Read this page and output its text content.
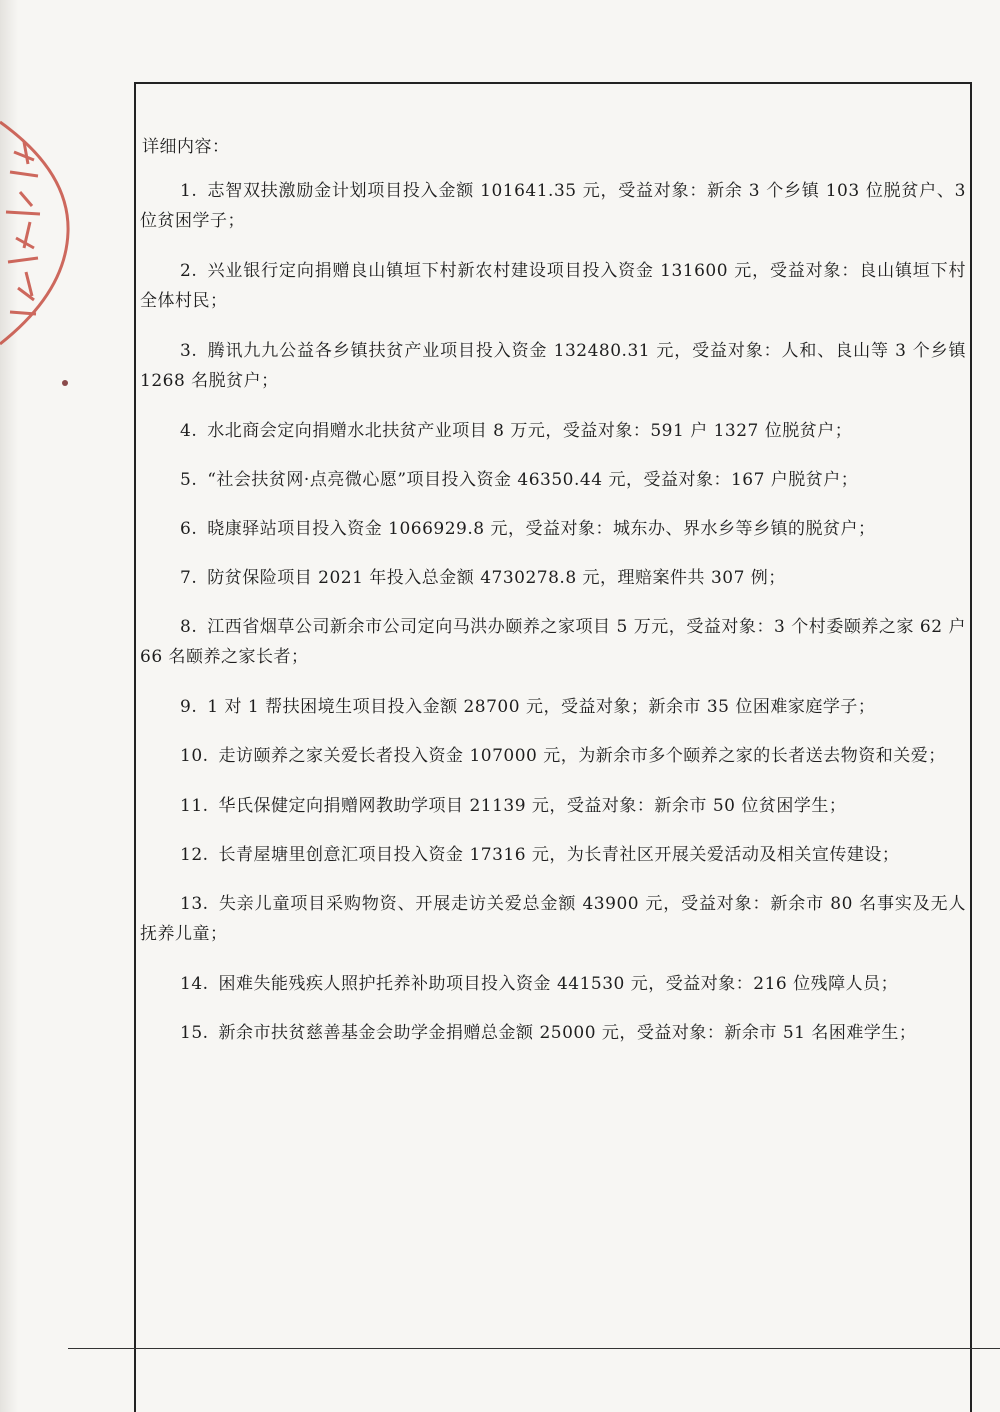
详细内容：
1. 志智双扶激励金计划项目投入金额 101641.35 元，受益对象：新余 3 个乡镇 103 位脱贫户、3 位贫困学子；
2. 兴业银行定向捐赠良山镇垣下村新农村建设项目投入资金 131600 元，受益对象：良山镇垣下村全体村民；
3. 腾讯九九公益各乡镇扶贫产业项目投入资金 132480.31 元，受益对象：人和、良山等 3 个乡镇 1268 名脱贫户；
4. 水北商会定向捐赠水北扶贫产业项目 8 万元，受益对象：591 户 1327 位脱贫户；
5. “社会扶贫网·点亮微心愿”项目投入资金 46350.44 元，受益对象：167 户脱贫户；
6. 晓康驿站项目投入资金 1066929.8 元，受益对象：城东办、界水乡等乡镇的脱贫户；
7. 防贫保险项目 2021 年投入总金额 4730278.8 元，理赔案件共 307 例；
8. 江西省烟草公司新余市公司定向马洪办颐养之家项目 5 万元，受益对象：3 个村委颐养之家 62 户 66 名颐养之家长者；
9. 1 对 1 帮扶困境生项目投入金额 28700 元，受益对象；新余市 35 位困难家庭学子；
10. 走访颐养之家关爱长者投入资金 107000 元，为新余市多个颐养之家的长者送去物资和关爱；
11. 华氏保健定向捐赠网教助学项目 21139 元，受益对象：新余市 50 位贫困学生；
12. 长青屋塘里创意汇项目投入资金 17316 元，为长青社区开展关爱活动及相关宣传建设；
13. 失亲儿童项目采购物资、开展走访关爱总金额 43900 元，受益对象：新余市 80 名事实及无人抚养儿童；
14. 困难失能残疾人照护托养补助项目投入资金 441530 元，受益对象：216 位残障人员；
15. 新余市扶贫慈善基金会助学金捐赠总金额 25000 元，受益对象：新余市 51 名困难学生；
